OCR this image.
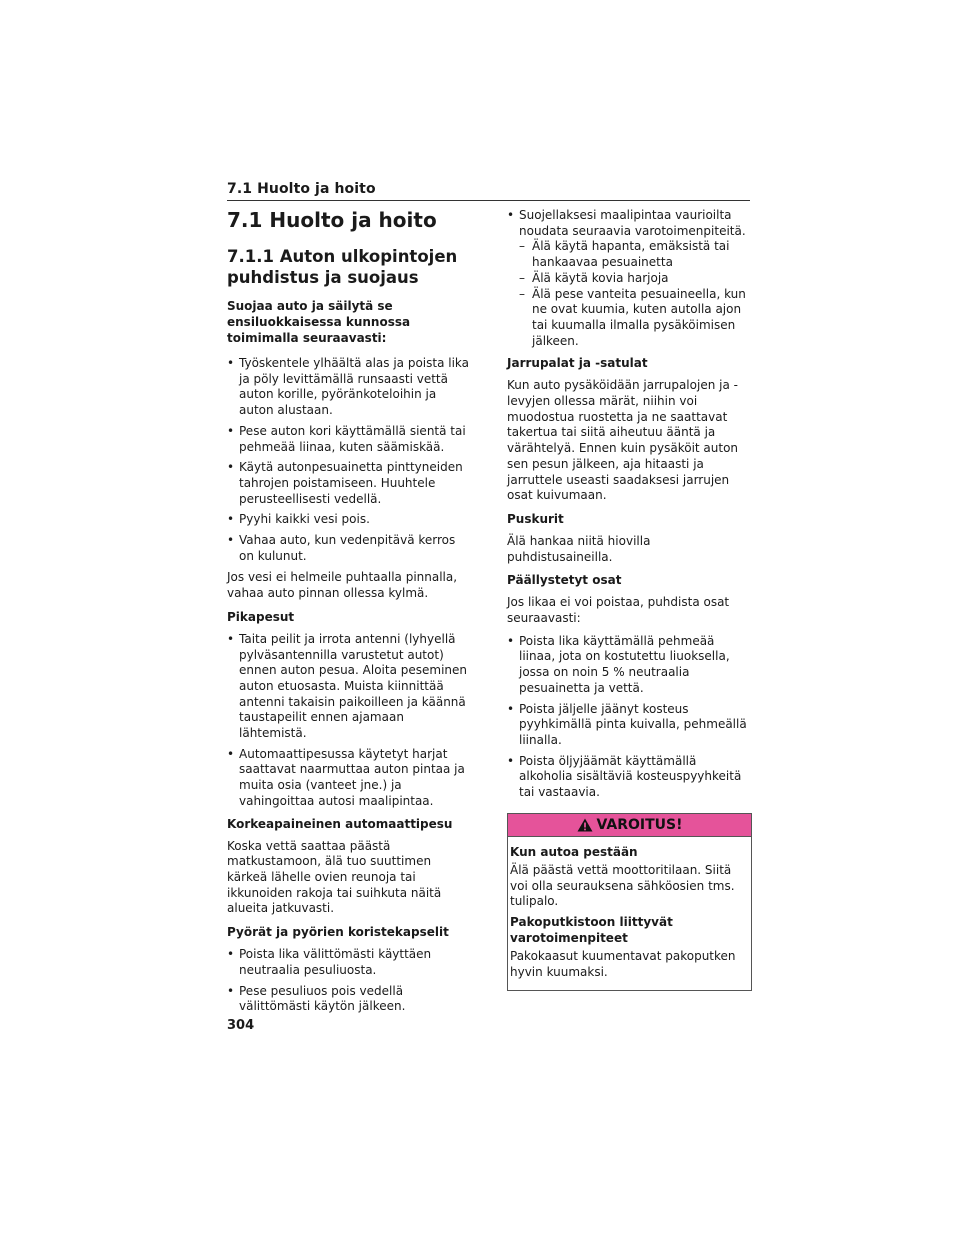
7.1 Huolto ja hoito
7.1 Huolto ja hoito
7.1.1 Auton ulkopintojen puhdistus ja suojaus
Suojaa auto ja säilytä se ensiluokkaisessa kunnossa toimimalla seuraavasti:
• Työskentele ylhäältä alas ja poista lika ja pöly levittämällä runsaasti vettä auton korille, pyöränkoteloihin ja auton alustaan.
• Pese auton kori käyttämällä sientä tai pehmeää liinaa, kuten säämiskää.
• Käytä autonpesuainetta pinttyneiden tahrojen poistamiseen. Huuhtele perusteellisesti vedellä.
• Pyyhi kaikki vesi pois.
• Vahaa auto, kun vedenpitävä kerros on kulunut.

Jos vesi ei helmeile puhtaalla pinnalla, vahaa auto pinnan ollessa kylmä.

Pikapesut
• Taita peilit ja irrota antenni (lyhyellä pylväsantennilla varustetut autot) ennen auton pesua. Aloita peseminen auton etuosasta. Muista kiinnittää antenni takaisin paikoilleen ja käännä taustapeilit ennen ajamaan lähtemistä.
• Automaattipesussa käytetyt harjat saattavat naarmuttaa auton pintaa ja muita osia (vanteet jne.) ja vahingoittaa autosi maalipintaa.
Korkeapaineinen automaattipesu

Koska vettä saattaa päästä matkustamoon, älä tuo suuttimen kärkeä lähelle ovien reunoja tai ikkunoiden rakoja tai suihkuta näitä alueita jatkuvasti.

Pyörät ja pyörien koristekapselit
• Poista lika välittömästi käyttäen neutraalia pesuliuosta.
• Pese pesuliuos pois vedellä välittömästi käytön jälkeen.
• Suojellaksesi maalipintaa vaurioilta noudata seuraavia varotoimenpiteitä.
– Älä käytä hapanta, emäksistä tai hankaavaa pesuainetta
– Älä käytä kovia harjoja
– Älä pese vanteita pesuaineella, kun ne ovat kuumia, kuten autolla ajon tai kuumalla ilmalla pysäköimisen jälkeen.
Jarrupalat ja -satulat

Kun auto pysäköidään jarrupalojen ja -levyjen ollessa märät, niihin voi muodostua ruostetta ja ne saattavat takertua tai siitä aiheutuu ääntä ja värähtelyä. Ennen kuin pysäköit auton sen pesun jälkeen, aja hitaasti ja jarruttele useasti saadaksesi jarrujen osat kuivumaan.

Puskurit

Älä hankaa niitä hiovilla puhdistusaineilla.

Päällystetyt osat

Jos likaa ei voi poistaa, puhdista osat seuraavasti:

• Poista lika käyttämällä pehmeää liinaa, jota on kostutettu liuoksella, jossa on noin 5 % neutraalia pesuainetta ja vettä.
• Poista jäljelle jäänyt kosteus pyyhkimällä pinta kuivalla, pehmeällä liinalla.
• Poista öljyjäämät käyttämällä alkoholia sisältäviä kosteuspyyhkeitä tai vastaavia.
VAROITUS!
Kun autoa pestään

Älä päästä vettä moottoritilaan. Siitä voi olla seurauksena sähköosien tms. tulipalo.

Pakoputkistoon liittyvät varotoimenpiteet

Pakokaasut kuumentavat pakoputken hyvin kuumaksi.

304
